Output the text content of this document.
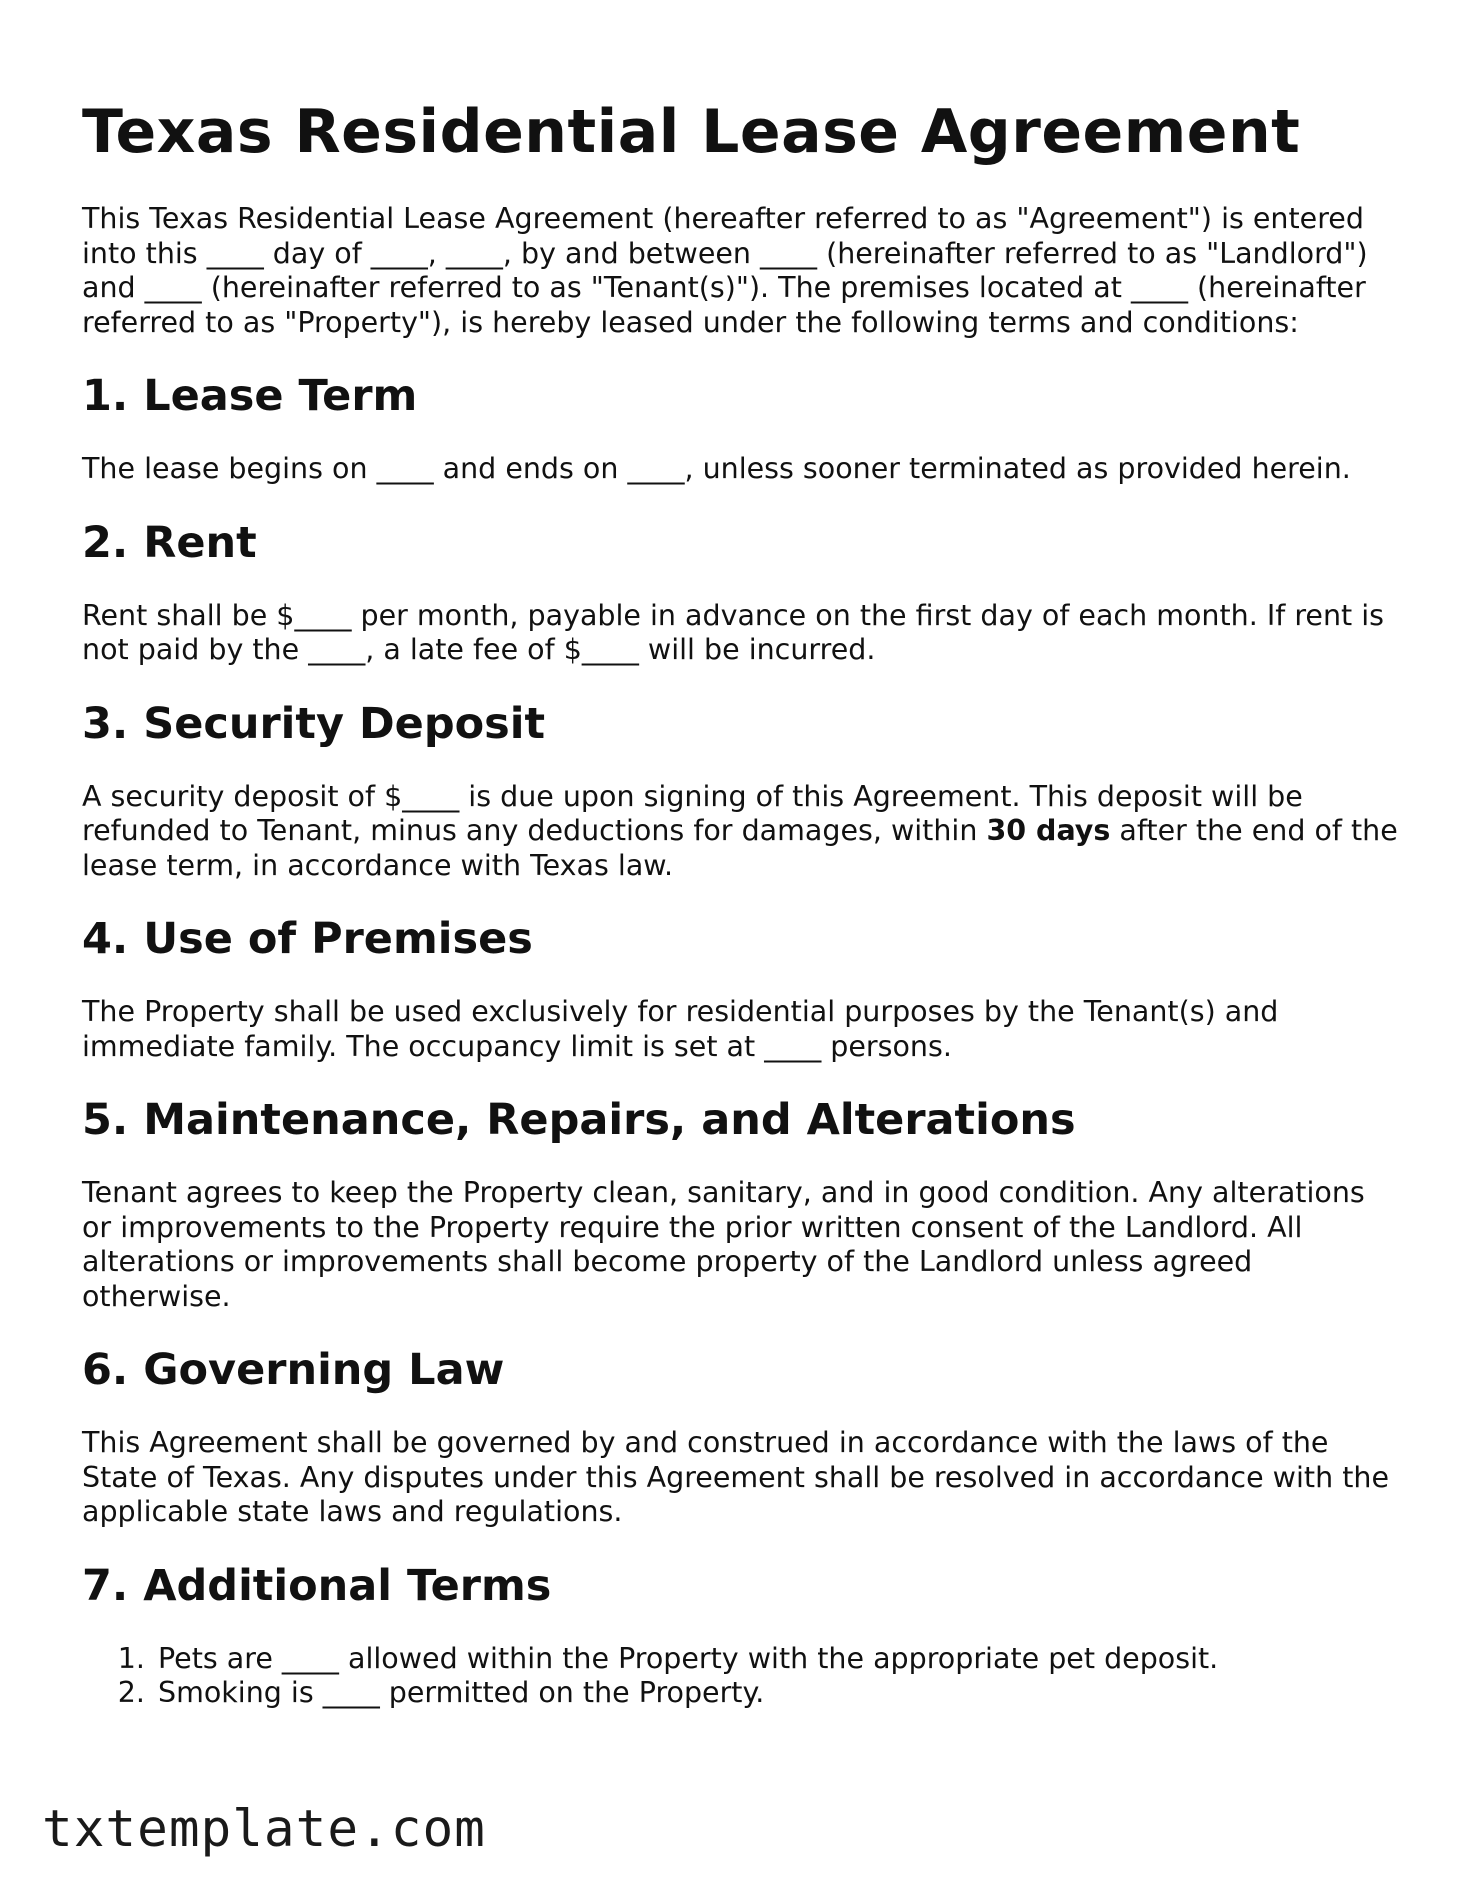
Texas Residential Lease Agreement

This Texas Residential Lease Agreement (hereafter referred to as "Agreement") is entered into this ____ day of ____, ____, by and between ____ (hereinafter referred to as "Landlord") and ____ (hereinafter referred to as "Tenant(s)"). The premises located at ____ (hereinafter referred to as "Property"), is hereby leased under the following terms and conditions:

1. Lease Term

The lease begins on ____ and ends on ____, unless sooner terminated as provided herein.

2. Rent

Rent shall be $____ per month, payable in advance on the first day of each month. If rent is not paid by the ____, a late fee of $____ will be incurred.

3. Security Deposit

A security deposit of $____ is due upon signing of this Agreement. This deposit will be refunded to Tenant, minus any deductions for damages, within 30 days after the end of the lease term, in accordance with Texas law.

4. Use of Premises

The Property shall be used exclusively for residential purposes by the Tenant(s) and immediate family. The occupancy limit is set at ____ persons.

5. Maintenance, Repairs, and Alterations

Tenant agrees to keep the Property clean, sanitary, and in good condition. Any alterations or improvements to the Property require the prior written consent of the Landlord. All alterations or improvements shall become property of the Landlord unless agreed otherwise.

6. Governing Law

This Agreement shall be governed by and construed in accordance with the laws of the State of Texas. Any disputes under this Agreement shall be resolved in accordance with the applicable state laws and regulations.

7. Additional Terms
1. Pets are ____ allowed within the Property with the appropriate pet deposit.
2. Smoking is ____ permitted on the Property.
txtemplate.com
